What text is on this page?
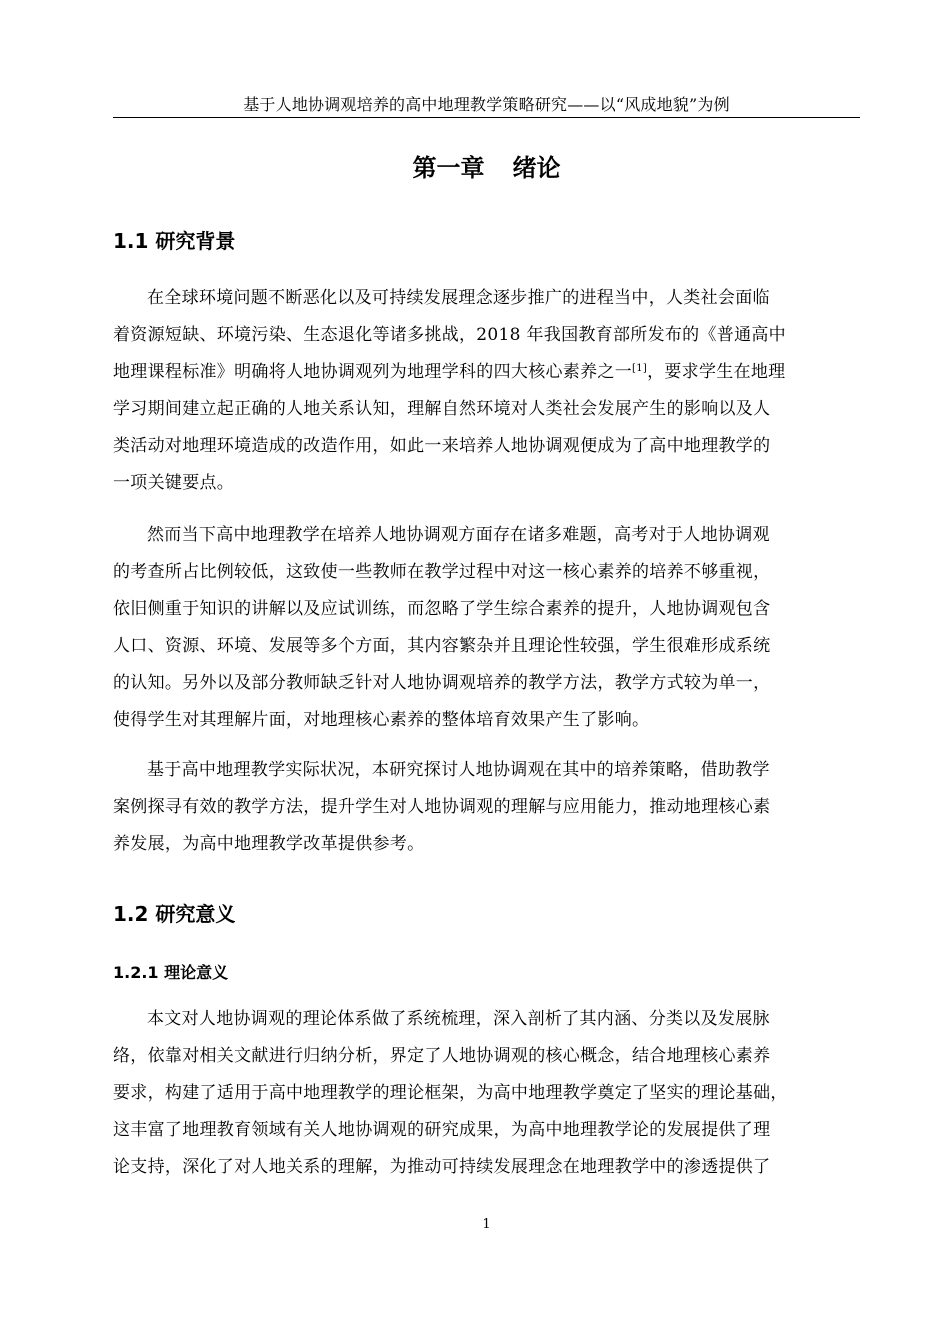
基于人地协调观培养的高中地理教学策略研究——以“风成地貌”为例
第一章 绪论
1.1 研究背景

在全球环境问题不断恶化以及可持续发展理念逐步推广的进程当中，人类社会面临
着资源短缺、环境污染、生态退化等诸多挑战，2018 年我国教育部所发布的《普通高中
地理课程标准》明确将人地协调观列为地理学科的四大核心素养之一[1]，要求学生在地理
学习期间建立起正确的人地关系认知，理解自然环境对人类社会发展产生的影响以及人
类活动对地理环境造成的改造作用，如此一来培养人地协调观便成为了高中地理教学的
一项关键要点。

然而当下高中地理教学在培养人地协调观方面存在诸多难题，高考对于人地协调观
的考查所占比例较低，这致使一些教师在教学过程中对这一核心素养的培养不够重视，
依旧侧重于知识的讲解以及应试训练，而忽略了学生综合素养的提升，人地协调观包含
人口、资源、环境、发展等多个方面，其内容繁杂并且理论性较强，学生很难形成系统
的认知。另外以及部分教师缺乏针对人地协调观培养的教学方法，教学方式较为单一，
使得学生对其理解片面，对地理核心素养的整体培育效果产生了影响。

基于高中地理教学实际状况，本研究探讨人地协调观在其中的培养策略，借助教学
案例探寻有效的教学方法，提升学生对人地协调观的理解与应用能力，推动地理核心素
养发展，为高中地理教学改革提供参考。

1.2 研究意义
1.2.1 理论意义

本文对人地协调观的理论体系做了系统梳理，深入剖析了其内涵、分类以及发展脉
络，依靠对相关文献进行归纳分析，界定了人地协调观的核心概念，结合地理核心素养
要求，构建了适用于高中地理教学的理论框架，为高中地理教学奠定了坚实的理论基础，
这丰富了地理教育领域有关人地协调观的研究成果，为高中地理教学论的发展提供了理
论支持，深化了对人地关系的理解，为推动可持续发展理念在地理教学中的渗透提供了

1
